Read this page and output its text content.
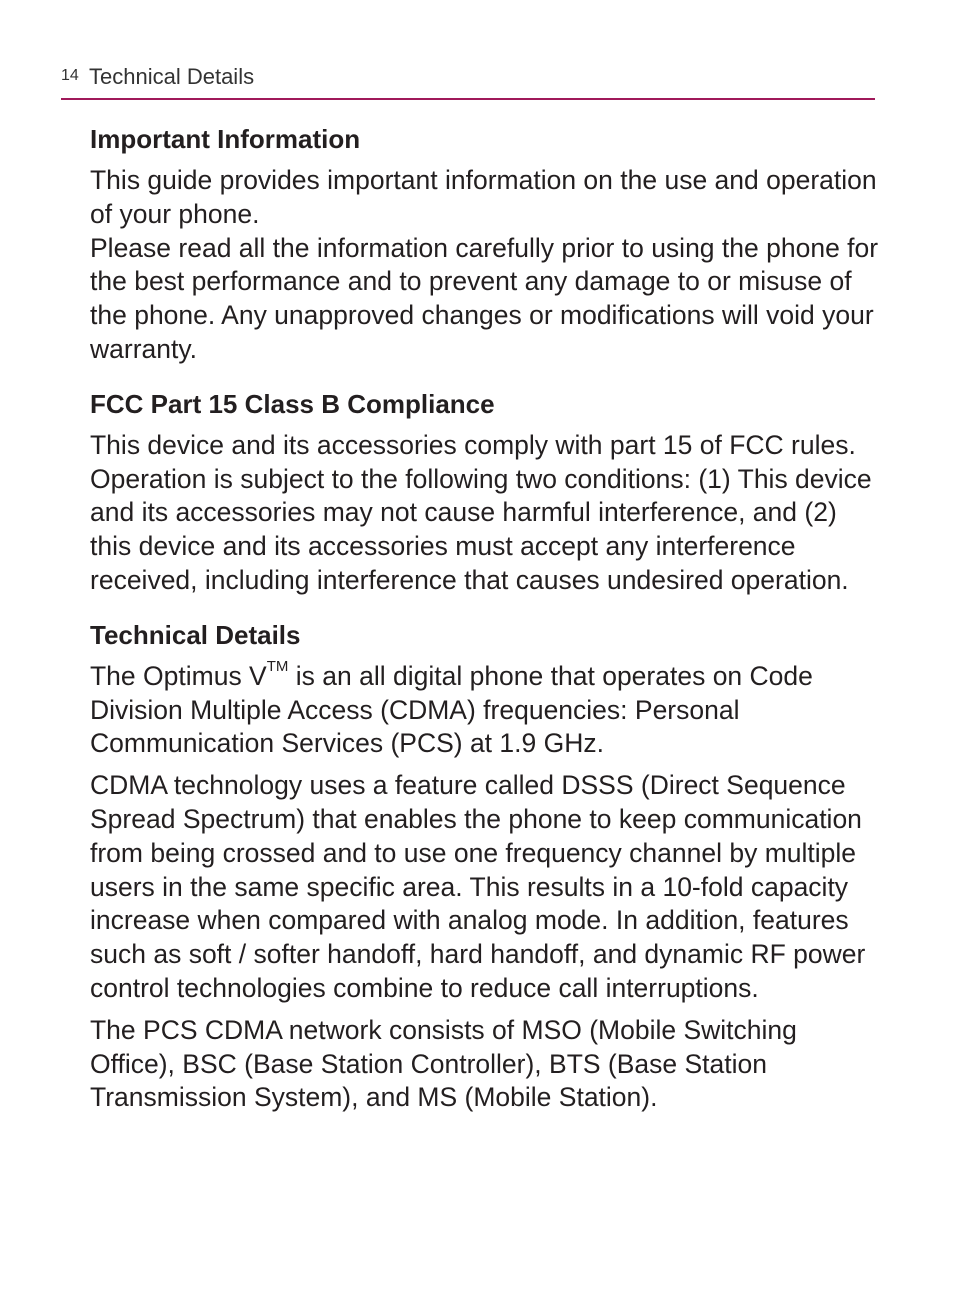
14 Technical Details
Important Information

This guide provides important information on the use and operation of your phone.

Please read all the information carefully prior to using the phone for the best performance and to prevent any damage to or misuse of the phone. Any unapproved changes or modifications will void your warranty.

FCC Part 15 Class B Compliance

This device and its accessories comply with part 15 of FCC rules. Operation is subject to the following two conditions: (1) This device and its accessories may not cause harmful interference, and (2) this device and its accessories must accept any interference received, including interference that causes undesired operation.

Technical Details

The Optimus V™ is an all digital phone that operates on Code Division Multiple Access (CDMA) frequencies: Personal Communication Services (PCS) at 1.9 GHz.

CDMA technology uses a feature called DSSS (Direct Sequence Spread Spectrum) that enables the phone to keep communication from being crossed and to use one frequency channel by multiple users in the same specific area. This results in a 10-fold capacity increase when compared with analog mode. In addition, features such as soft / softer handoff, hard handoff, and dynamic RF power control technologies combine to reduce call interruptions.

The PCS CDMA network consists of MSO (Mobile Switching Office), BSC (Base Station Controller), BTS (Base Station Transmission System), and MS (Mobile Station).
